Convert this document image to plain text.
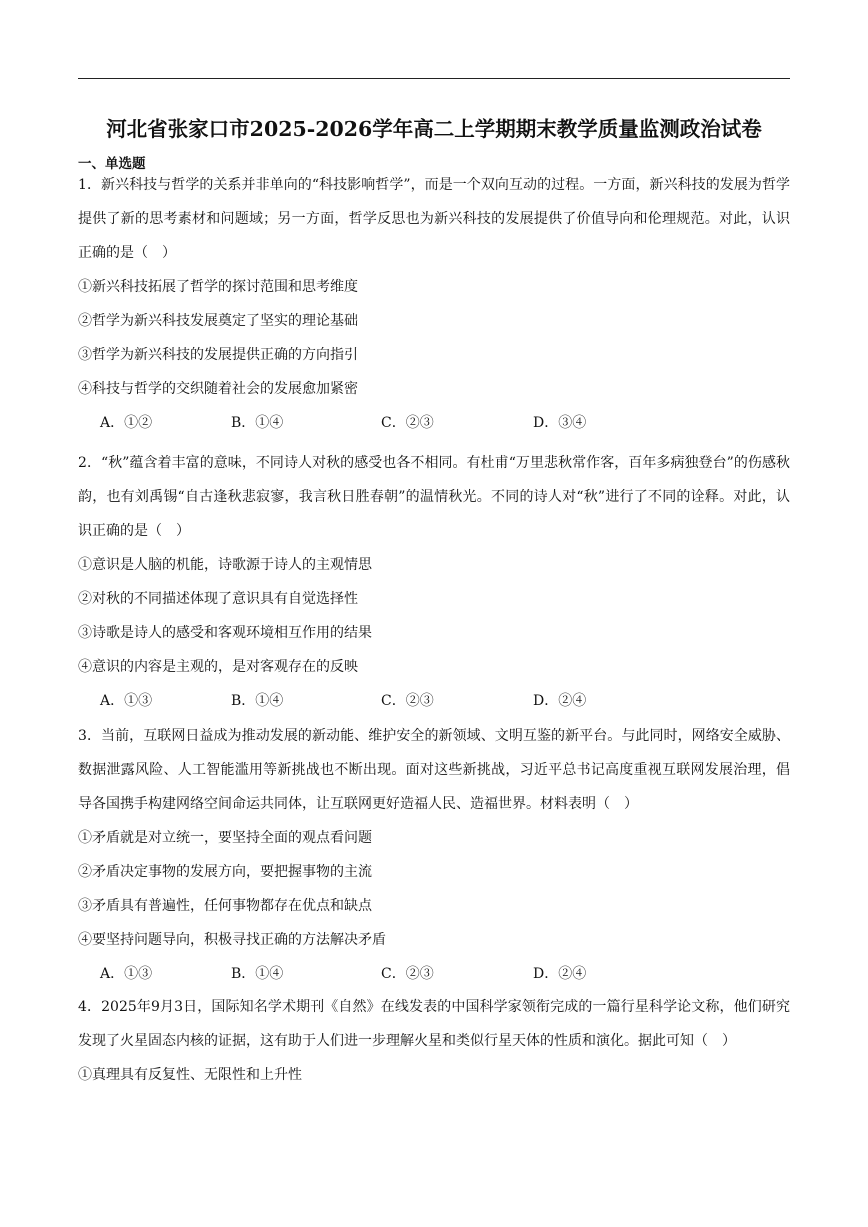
河北省张家口市2025-2026学年高二上学期期末教学质量监测政治试卷
一、单选题

1．新兴科技与哲学的关系并非单向的“科技影响哲学”，而是一个双向互动的过程。一方面，新兴科技的发展为哲学提供了新的思考素材和问题域；另一方面，哲学反思也为新兴科技的发展提供了价值导向和伦理规范。对此，认识正确的是（　）

①新兴科技拓展了哲学的探讨范围和思考维度

②哲学为新兴科技发展奠定了坚实的理论基础

③哲学为新兴科技的发展提供正确的方向指引

④科技与哲学的交织随着社会的发展愈加紧密

A．①②	B．①④	C．②③	D．③④

2．“秋”蕴含着丰富的意味，不同诗人对秋的感受也各不相同。有杜甫“万里悲秋常作客，百年多病独登台”的伤感秋韵，也有刘禹锡“自古逢秋悲寂寥，我言秋日胜春朝”的温情秋光。不同的诗人对“秋”进行了不同的诠释。对此，认识正确的是（　）

①意识是人脑的机能，诗歌源于诗人的主观情思

②对秋的不同描述体现了意识具有自觉选择性

③诗歌是诗人的感受和客观环境相互作用的结果

④意识的内容是主观的，是对客观存在的反映

A．①③	B．①④	C．②③	D．②④

3．当前，互联网日益成为推动发展的新动能、维护安全的新领域、文明互鉴的新平台。与此同时，网络安全威胁、数据泄露风险、人工智能滥用等新挑战也不断出现。面对这些新挑战，习近平总书记高度重视互联网发展治理，倡导各国携手构建网络空间命运共同体，让互联网更好造福人民、造福世界。材料表明（　）

①矛盾就是对立统一，要坚持全面的观点看问题

②矛盾决定事物的发展方向，要把握事物的主流

③矛盾具有普遍性，任何事物都存在优点和缺点

④要坚持问题导向，积极寻找正确的方法解决矛盾

A．①③	B．①④	C．②③	D．②④

4．2025年9月3日，国际知名学术期刊《自然》在线发表的中国科学家领衔完成的一篇行星科学论文称，他们研究发现了火星固态内核的证据，这有助于人们进一步理解火星和类似行星天体的性质和演化。据此可知（　）

①真理具有反复性、无限性和上升性
